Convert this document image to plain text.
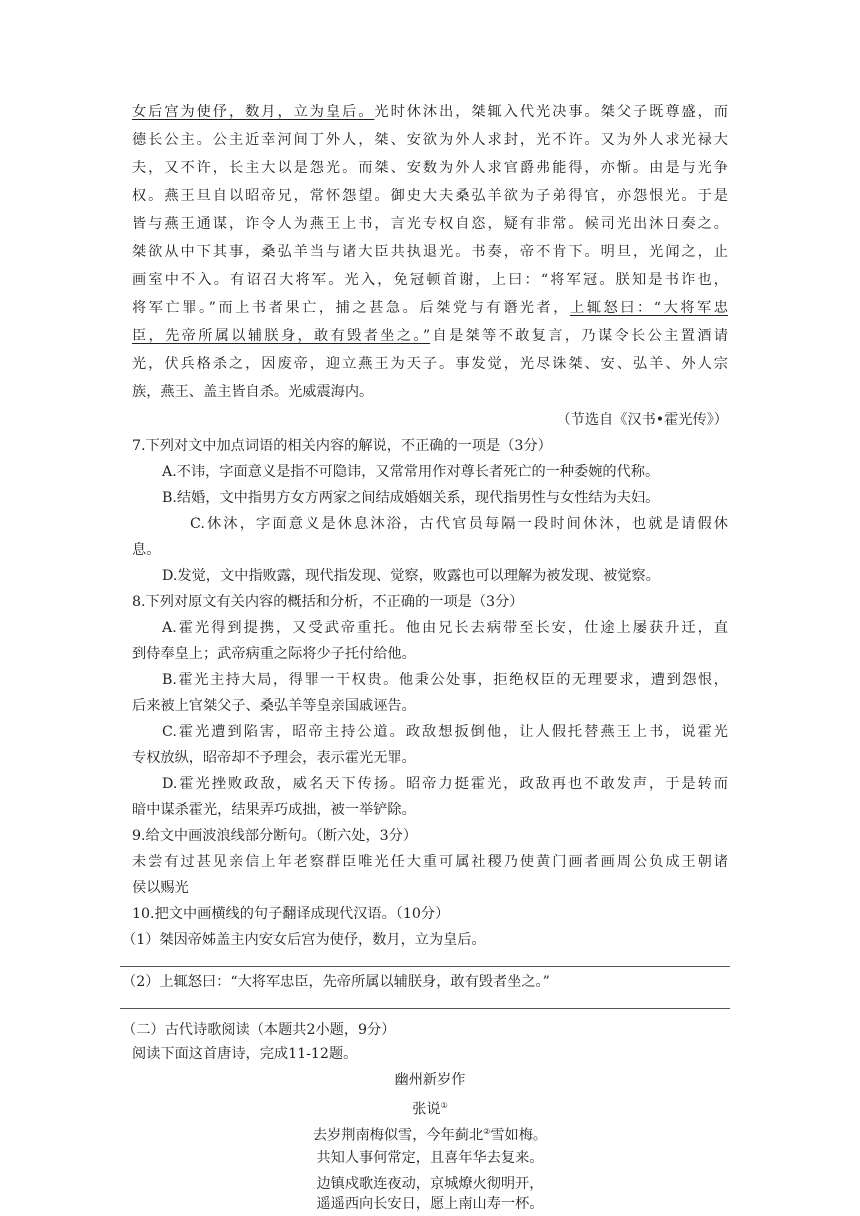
女后宫为使伃，数月，立为皇后。光时休沐出，桀辄入代光决事。桀父子既尊盛，而
德长公主。公主近幸河间丁外人，桀、安欲为外人求封，光不许。又为外人求光禄大
夫，又不许，长主大以是怨光。而桀、安数为外人求官爵弗能得，亦惭。由是与光争
权。燕王旦自以昭帝兄，常怀怨望。御史大夫桑弘羊欲为子弟得官，亦怨恨光。于是
皆与燕王通谋，诈令人为燕王上书，言光专权自恣，疑有非常。候司光出沐日奏之。
桀欲从中下其事，桑弘羊当与诸大臣共执退光。书奏，帝不肯下。明旦，光闻之，止
画室中不入。有诏召大将军。光入，免冠顿首谢，上曰：“将军冠。朕知是书诈也，
将军亡罪。”而上书者果亡，捕之甚急。后桀党与有谮光者，上辄怒曰：“大将军忠
臣，先帝所属以辅朕身，敢有毁者坐之。”自是桀等不敢复言，乃谋令长公主置酒请
光，伏兵格杀之，因废帝，迎立燕王为天子。事发觉，光尽诛桀、安、弘羊、外人宗
族，燕王、盖主皆自杀。光威震海内。
（节选自《汉书•霍光传》）
7.下列对文中加点词语的相关内容的解说，不正确的一项是（3分）
A.不讳，字面意义是指不可隐讳，又常常用作对尊长者死亡的一种委婉的代称。
B.结婚，文中指男方女方两家之间结成婚姻关系，现代指男性与女性结为夫妇。
C.休沐，字面意义是休息沐浴，古代官员每隔一段时间休沐，也就是请假休
息。
D.发觉，文中指败露，现代指发现、觉察，败露也可以理解为被发现、被觉察。
8.下列对原文有关内容的概括和分析，不正确的一项是（3分）
A.霍光得到提携，又受武帝重托。他由兄长去病带至长安，仕途上屡获升迁，直
到侍奉皇上；武帝病重之际将少子托付给他。
B.霍光主持大局，得罪一干权贵。他秉公处事，拒绝权臣的无理要求，遭到怨恨，
后来被上官桀父子、桑弘羊等皇亲国戚诬告。
C.霍光遭到陷害，昭帝主持公道。政敌想扳倒他，让人假托替燕王上书，说霍光
专权放纵，昭帝却不予理会，表示霍光无罪。
D.霍光挫败政敌，威名天下传扬。昭帝力挺霍光，政敌再也不敢发声，于是转而
暗中谋杀霍光，结果弄巧成拙，被一举铲除。
9.给文中画波浪线部分断句。（断六处，3分）
未尝有过甚见亲信上年老察群臣唯光任大重可属社稷乃使黄门画者画周公负成王朝诸
侯以赐光
10.把文中画横线的句子翻译成现代汉语。（10分）
（1）桀因帝姊盖主内安女后宫为使伃，数月，立为皇后。
（2）上辄怒曰：“大将军忠臣，先帝所属以辅朕身，敢有毁者坐之。”
（二）古代诗歌阅读（本题共2小题，9分）
阅读下面这首唐诗，完成11-12题。
幽州新岁作
张说①
去岁荆南梅似雪，今年蓟北②雪如梅。
共知人事何常定，且喜年华去复来。
边镇戍歌连夜动，京城燎火彻明开，
遥遥西向长安日，愿上南山寿一杯。
